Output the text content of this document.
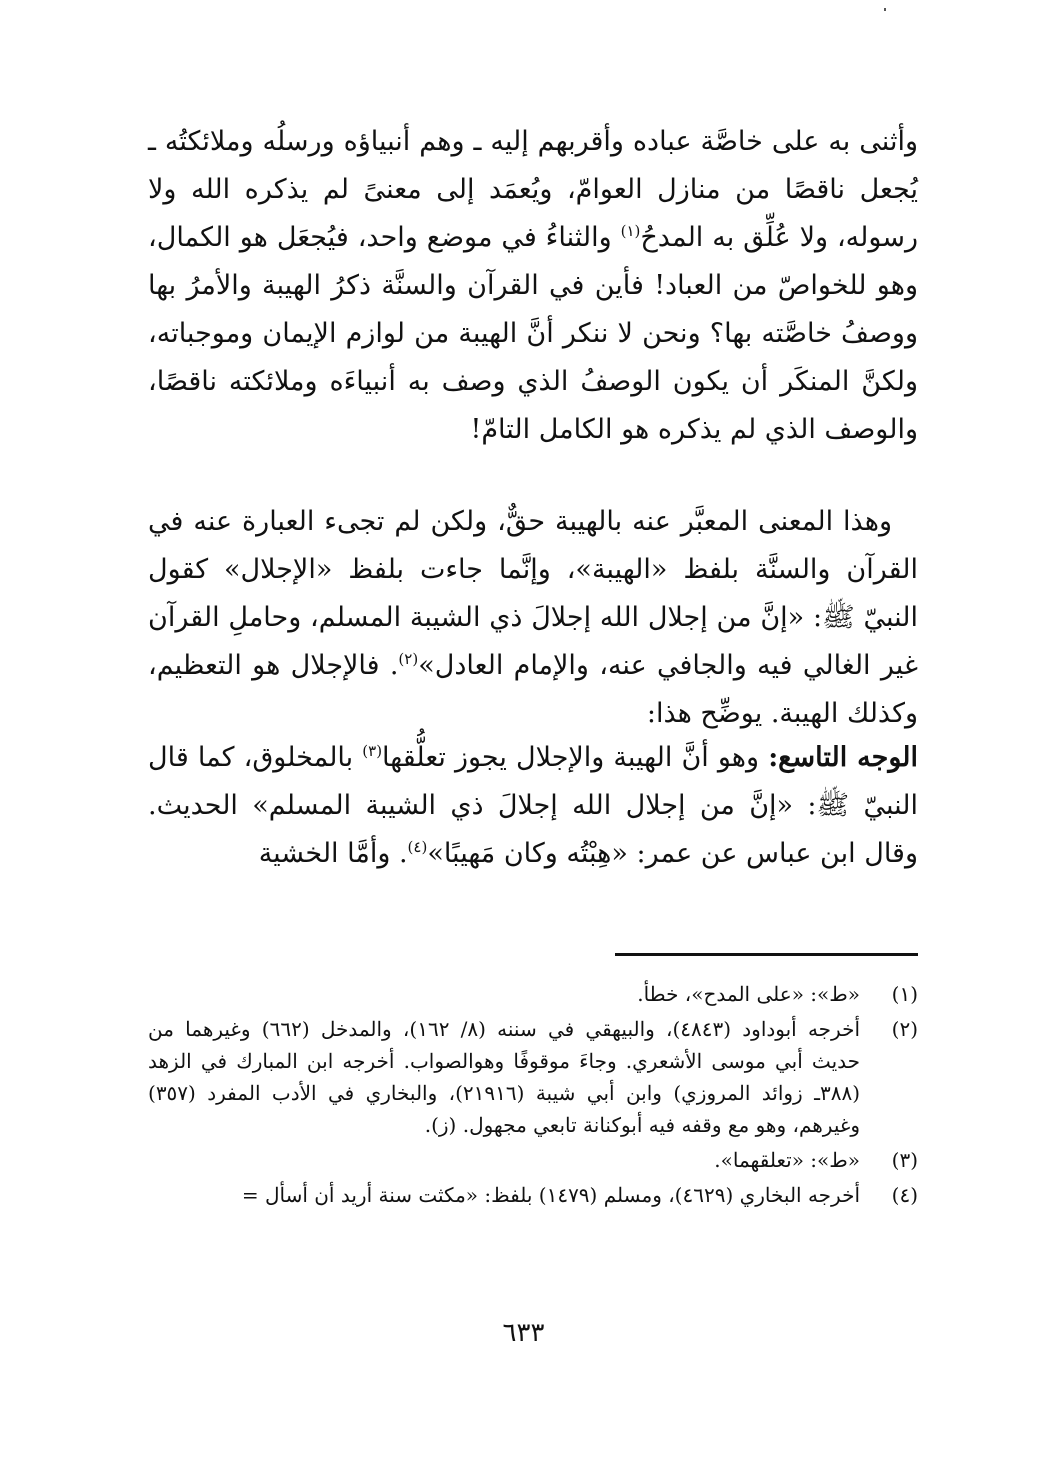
وأثنى به على خاصَّة عباده وأقربهم إليه ـ وهم أنبياؤه ورسلُه وملائكتُه ـ يُجعل ناقصًا من منازل العوامّ، ويُعمَد إلى معنىً لم يذكره الله ولا رسوله، ولا عُلِّق به المدحُ$^{(١)}$ والثناءُ في موضع واحد، فيُجعَل هو الكمال، وهو للخواصّ من العباد! فأين في القرآن والسنَّة ذكرُ الهيبة والأمرُ بها ووصفُ خاصَّته بها؟ ونحن لا ننكر أنَّ الهيبة من لوازم الإيمان وموجباته، ولكنَّ المنكَر أن يكون الوصفُ الذي وصف به أنبياءَه وملائكته ناقصًا، والوصف الذي لم يذكره هو الكامل التامّ!
وهذا المعنى المعبَّر عنه بالهيبة حقٌّ، ولكن لم تجىء العبارة عنه في القرآن والسنَّة بلفظ «الهيبة»، وإنَّما جاءت بلفظ «الإجلال» كقول النبيّ ﷺ: «إنَّ من إجلال الله إجلالَ ذي الشيبة المسلم، وحاملِ القرآن غير الغالي فيه والجافي عنه، والإمام العادل»$^{(٢)}$. فالإجلال هو التعظيم، وكذلك الهيبة. يوضِّح هذا:
الوجه التاسع: وهو أنَّ الهيبة والإجلال يجوز تعلُّقها$^{(٣)}$ بالمخلوق، كما قال النبيّ ﷺ: «إنَّ من إجلال الله إجلالَ ذي الشيبة المسلم» الحديث. وقال ابن عباس عن عمر: «هِبْتُه وكان مَهيبًا»$^{(٤)}$. وأمَّا الخشية
(١)
«ط»: «على المدح»، خطأ.
(٢)
أخرجه أبوداود (٤٨٤٣)، والبيهقي في سننه (٨/ ١٦٢)، والمدخل (٦٦٢) وغيرهما من حديث أبي موسى الأشعري. وجاءَ موقوفًا وهوالصواب. أخرجه ابن المبارك في الزهد (٣٨٨ـ زوائد المروزي) وابن أبي شيبة (٢١٩١٦)، والبخاري في الأدب المفرد (٣٥٧) وغيرهم، وهو مع وقفه فيه أبوكنانة تابعي مجهول. (ز).
(٣)
«ط»: «تعلقهما».
(٤)
أخرجه البخاري (٤٦٢٩)، ومسلم (١٤٧٩) بلفظ: «مكثت سنة أريد أن أسأل =
٦٣٣
